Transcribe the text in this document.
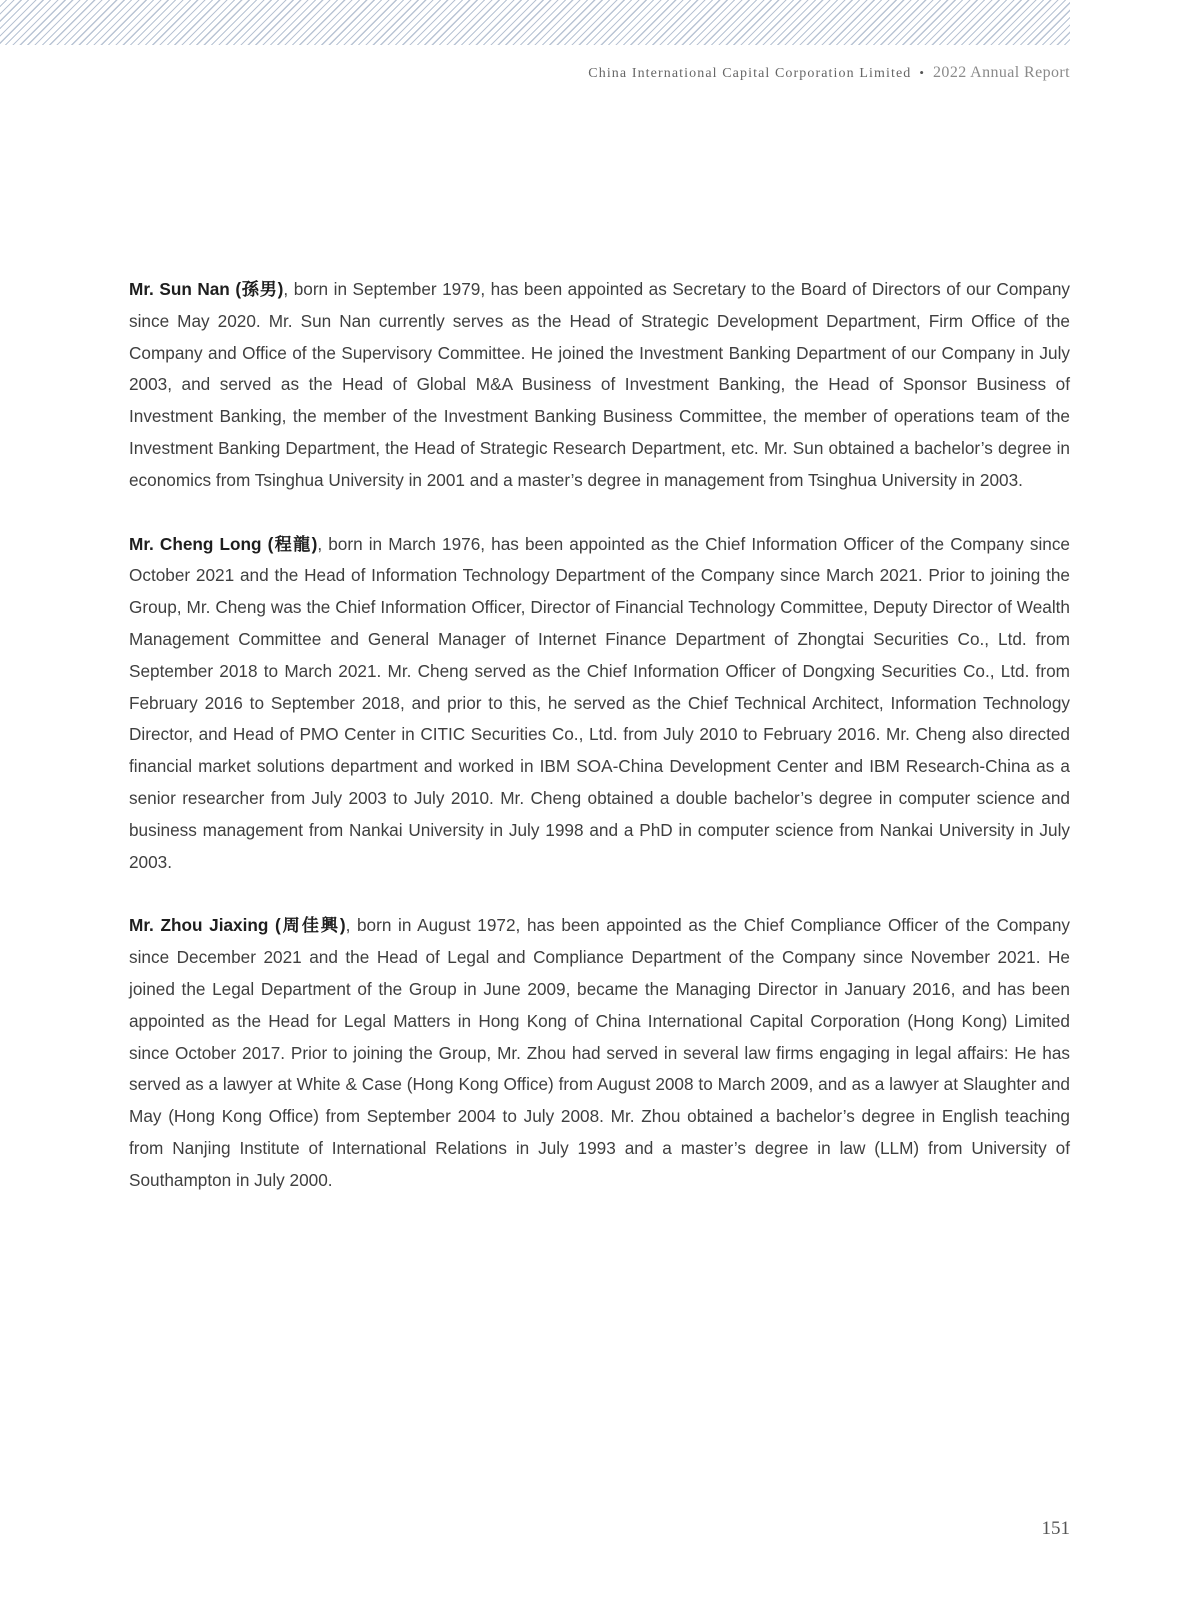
China International Capital Corporation Limited • 2022 Annual Report

Mr. Sun Nan (孫男), born in September 1979, has been appointed as Secretary to the Board of Directors of our Company since May 2020. Mr. Sun Nan currently serves as the Head of Strategic Development Department, Firm Office of the Company and Office of the Supervisory Committee. He joined the Investment Banking Department of our Company in July 2003, and served as the Head of Global M&A Business of Investment Banking, the Head of Sponsor Business of Investment Banking, the member of the Investment Banking Business Committee, the member of operations team of the Investment Banking Department, the Head of Strategic Research Department, etc. Mr. Sun obtained a bachelor’s degree in economics from Tsinghua University in 2001 and a master’s degree in management from Tsinghua University in 2003.

Mr. Cheng Long (程龍), born in March 1976, has been appointed as the Chief Information Officer of the Company since October 2021 and the Head of Information Technology Department of the Company since March 2021. Prior to joining the Group, Mr. Cheng was the Chief Information Officer, Director of Financial Technology Committee, Deputy Director of Wealth Management Committee and General Manager of Internet Finance Department of Zhongtai Securities Co., Ltd. from September 2018 to March 2021. Mr. Cheng served as the Chief Information Officer of Dongxing Securities Co., Ltd. from February 2016 to September 2018, and prior to this, he served as the Chief Technical Architect, Information Technology Director, and Head of PMO Center in CITIC Securities Co., Ltd. from July 2010 to February 2016. Mr. Cheng also directed financial market solutions department and worked in IBM SOA-China Development Center and IBM Research-China as a senior researcher from July 2003 to July 2010. Mr. Cheng obtained a double bachelor’s degree in computer science and business management from Nankai University in July 1998 and a PhD in computer science from Nankai University in July 2003.

Mr. Zhou Jiaxing (周佳興), born in August 1972, has been appointed as the Chief Compliance Officer of the Company since December 2021 and the Head of Legal and Compliance Department of the Company since November 2021. He joined the Legal Department of the Group in June 2009, became the Managing Director in January 2016, and has been appointed as the Head for Legal Matters in Hong Kong of China International Capital Corporation (Hong Kong) Limited since October 2017. Prior to joining the Group, Mr. Zhou had served in several law firms engaging in legal affairs: He has served as a lawyer at White & Case (Hong Kong Office) from August 2008 to March 2009, and as a lawyer at Slaughter and May (Hong Kong Office) from September 2004 to July 2008. Mr. Zhou obtained a bachelor’s degree in English teaching from Nanjing Institute of International Relations in July 1993 and a master’s degree in law (LLM) from University of Southampton in July 2000.

151
